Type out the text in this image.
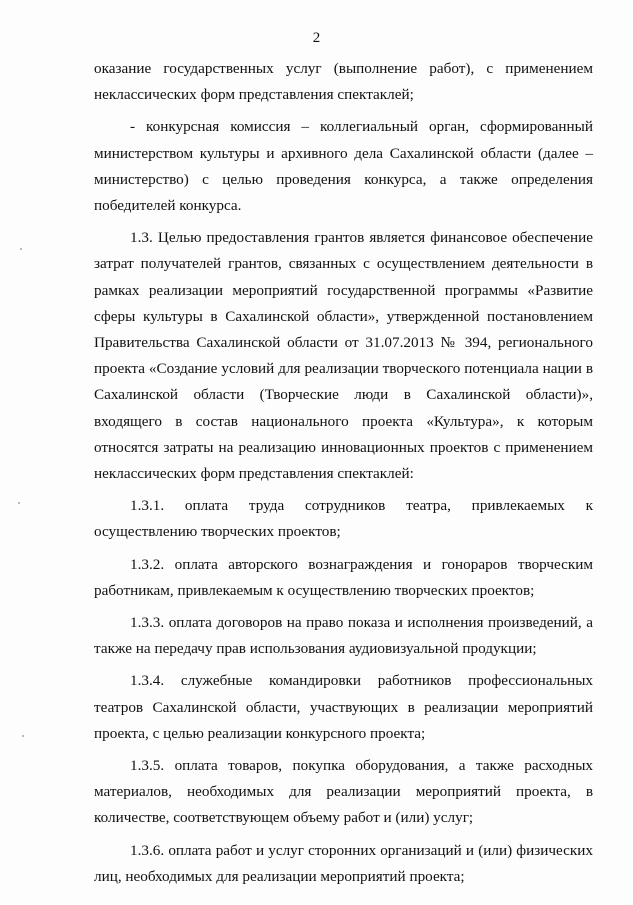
2

оказание государственных услуг (выполнение работ), с применением неклассических форм представления спектаклей;

- конкурсная комиссия – коллегиальный орган, сформированный министерством культуры и архивного дела Сахалинской области (далее – министерство) с целью проведения конкурса, а также определения победителей конкурса.

1.3. Целью предоставления грантов является финансовое обеспечение затрат получателей грантов, связанных с осуществлением деятельности в рамках реализации мероприятий государственной программы «Развитие сферы культуры в Сахалинской области», утвержденной постановлением Правительства Сахалинской области от 31.07.2013 № 394, регионального проекта «Создание условий для реализации творческого потенциала нации в Сахалинской области (Творческие люди в Сахалинской области)», входящего в состав национального проекта «Культура», к которым относятся затраты на реализацию инновационных проектов с применением неклассических форм представления спектаклей:

1.3.1. оплата труда сотрудников театра, привлекаемых к осуществлению творческих проектов;

1.3.2. оплата авторского вознаграждения и гонораров творческим работникам, привлекаемым к осуществлению творческих проектов;

1.3.3. оплата договоров на право показа и исполнения произведений, а также на передачу прав использования аудиовизуальной продукции;

1.3.4. служебные командировки работников профессиональных театров Сахалинской области, участвующих в реализации мероприятий проекта, с целью реализации конкурсного проекта;

1.3.5. оплата товаров, покупка оборудования, а также расходных материалов, необходимых для реализации мероприятий проекта, в количестве, соответствующем объему работ и (или) услуг;

1.3.6. оплата работ и услуг сторонних организаций и (или) физических лиц, необходимых для реализации мероприятий проекта;
